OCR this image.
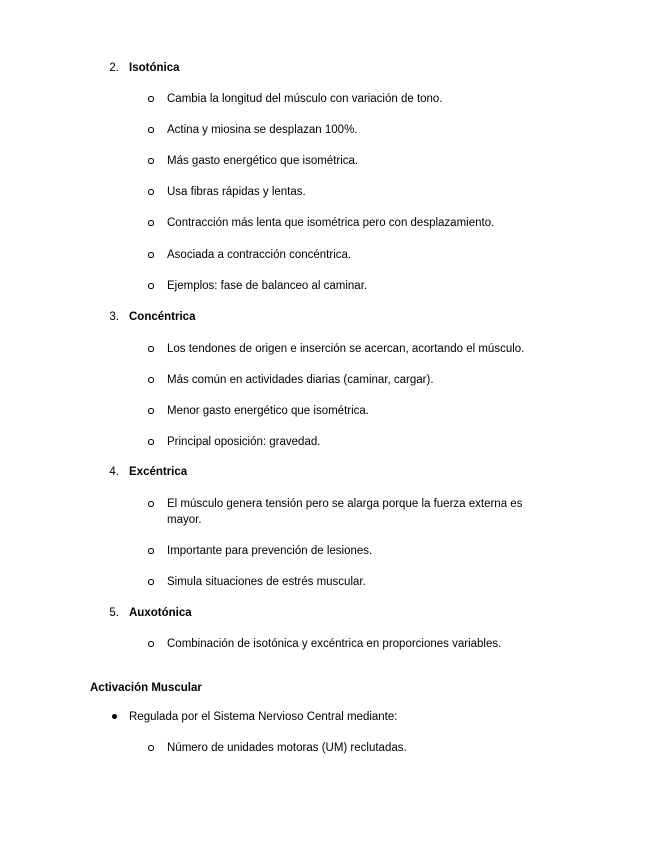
2. Isotónica
Cambia la longitud del músculo con variación de tono.
Actina y miosina se desplazan 100%.
Más gasto energético que isométrica.
Usa fibras rápidas y lentas.
Contracción más lenta que isométrica pero con desplazamiento.
Asociada a contracción concéntrica.
Ejemplos: fase de balanceo al caminar.
3. Concéntrica
Los tendones de origen e inserción se acercan, acortando el músculo.
Más común en actividades diarias (caminar, cargar).
Menor gasto energético que isométrica.
Principal oposición: gravedad.
4. Excéntrica
El músculo genera tensión pero se alarga porque la fuerza externa es
mayor.
Importante para prevención de lesiones.
Simula situaciones de estrés muscular.
5. Auxotónica
Combinación de isotónica y excéntrica en proporciones variables.
Activación Muscular
Regulada por el Sistema Nervioso Central mediante:
Número de unidades motoras (UM) reclutadas.
